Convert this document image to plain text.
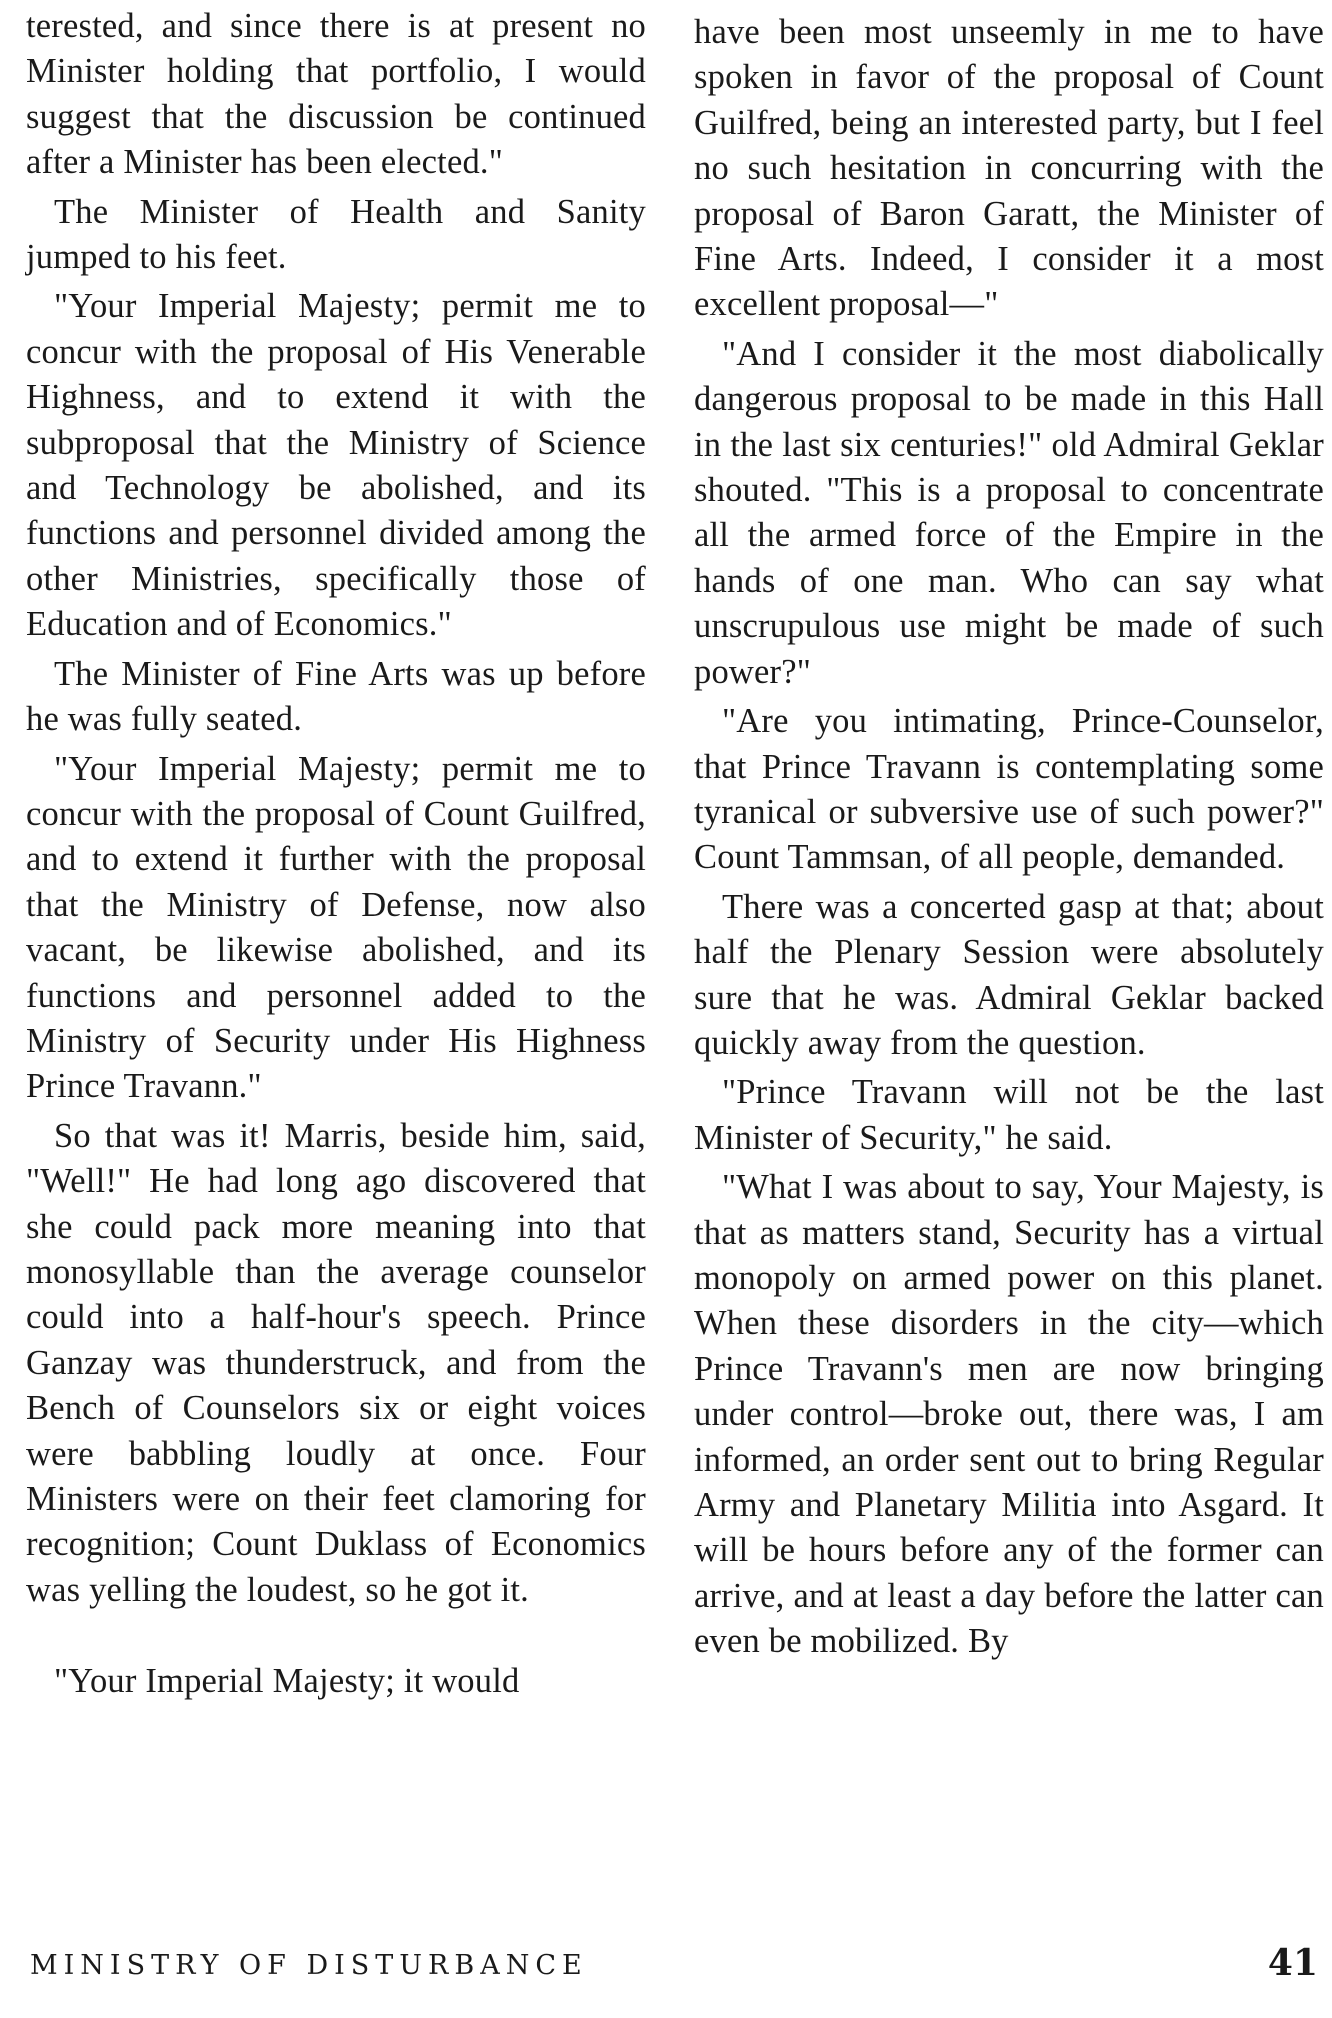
terested, and since there is at present no Minister holding that portfolio, I would suggest that the discussion be continued after a Minister has been elected."

The Minister of Health and Sanity jumped to his feet.

"Your Imperial Majesty; permit me to concur with the proposal of His Venerable Highness, and to extend it with the subproposal that the Ministry of Science and Technology be abolished, and its functions and personnel divided among the other Ministries, specifically those of Education and of Economics."

The Minister of Fine Arts was up before he was fully seated.

"Your Imperial Majesty; permit me to concur with the proposal of Count Guilfred, and to extend it further with the proposal that the Ministry of Defense, now also vacant, be likewise abolished, and its functions and personnel added to the Ministry of Security under His Highness Prince Travann."

So that was it! Marris, beside him, said, "Well!" He had long ago discovered that she could pack more meaning into that monosyllable than the average counselor could into a half-hour's speech. Prince Ganzay was thunderstruck, and from the Bench of Counselors six or eight voices were babbling loudly at once. Four Ministers were on their feet clamoring for recognition; Count Duklass of Economics was yelling the loudest, so he got it.

"Your Imperial Majesty; it would

have been most unseemly in me to have spoken in favor of the proposal of Count Guilfred, being an interested party, but I feel no such hesitation in concurring with the proposal of Baron Garatt, the Minister of Fine Arts. Indeed, I consider it a most excellent proposal—"

"And I consider it the most diabolically dangerous proposal to be made in this Hall in the last six centuries!" old Admiral Geklar shouted. "This is a proposal to concentrate all the armed force of the Empire in the hands of one man. Who can say what unscrupulous use might be made of such power?"

"Are you intimating, Prince-Counselor, that Prince Travann is contemplating some tyranical or subversive use of such power?" Count Tammsan, of all people, demanded.

There was a concerted gasp at that; about half the Plenary Session were absolutely sure that he was. Admiral Geklar backed quickly away from the question.

"Prince Travann will not be the last Minister of Security," he said.

"What I was about to say, Your Majesty, is that as matters stand, Security has a virtual monopoly on armed power on this planet. When these disorders in the city—which Prince Travann's men are now bringing under control—broke out, there was, I am informed, an order sent out to bring Regular Army and Planetary Militia into Asgard. It will be hours before any of the former can arrive, and at least a day before the latter can even be mobilized. By

MINISTRY OF DISTURBANCE	41
